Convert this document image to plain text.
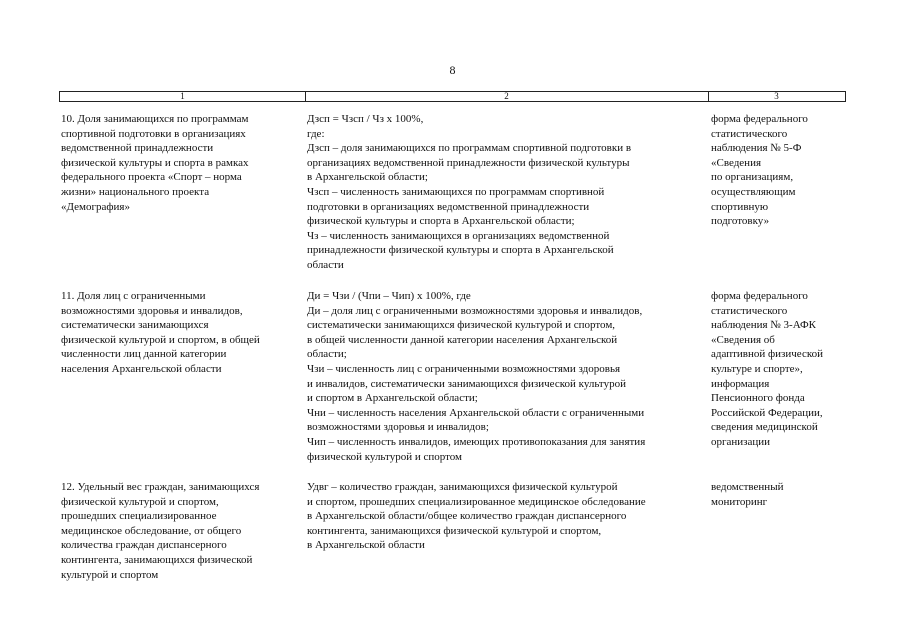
8
1	2	3
10. Доля занимающихся по программам
спортивной подготовки в организациях
ведомственной принадлежности
физической культуры и спорта в рамках
федерального проекта «Спорт – норма
жизни» национального проекта
«Демография»
Дзсп = Чзсп / Чз х 100%,
где:
Дзсп – доля занимающихся по программам спортивной подготовки в
организациях ведомственной принадлежности физической культуры
в Архангельской области;
Чзсп – численность занимающихся по программам спортивной
подготовки в организациях ведомственной принадлежности
физической культуры и спорта в Архангельской области;
Чз – численность занимающихся в организациях ведомственной
принадлежности физической культуры и спорта в Архангельской
области
форма федерального
статистического
наблюдения № 5-Ф
«Сведения
по организациям,
осуществляющим
спортивную
подготовку»
11. Доля лиц с ограниченными
возможностями здоровья и инвалидов,
систематически занимающихся
физической культурой и спортом, в общей
численности лиц данной категории
населения Архангельской области
Ди = Чзи / (Чпи – Чип) х 100%, где
Ди – доля лиц с ограниченными возможностями здоровья и инвалидов,
систематически занимающихся физической культурой и спортом,
в общей численности данной категории населения Архангельской
области;
Чзи – численность лиц с ограниченными возможностями здоровья
и инвалидов, систематически занимающихся физической культурой
и спортом в Архангельской области;
Чни – численность населения Архангельской области с ограниченными
возможностями здоровья и инвалидов;
Чип – численность инвалидов, имеющих противопоказания для занятия
физической культурой и спортом
форма федерального
статистического
наблюдения № 3-АФК
«Сведения об
адаптивной физической
культуре и спорте»,
информация
Пенсионного фонда
Российской Федерации,
сведения медицинской
организации
12. Удельный вес граждан, занимающихся
физической культурой и спортом,
прошедших специализированное
медицинское обследование, от общего
количества граждан диспансерного
контингента, занимающихся физической
культурой и спортом
Удвг – количество граждан, занимающихся физической культурой
и спортом, прошедших специализированное медицинское обследование
в Архангельской области/общее количество граждан диспансерного
контингента, занимающихся физической культурой и спортом,
в Архангельской области
ведомственный
мониторинг
